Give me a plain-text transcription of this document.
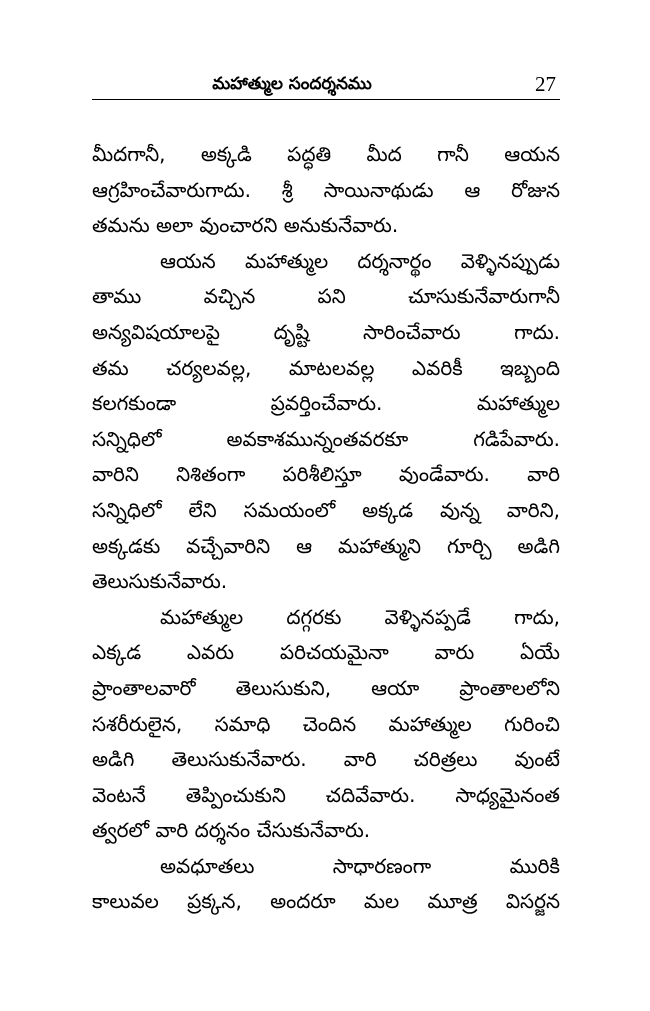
మహాత్ముల సందర్శనము	27
మీదగానీ, అక్కడి పద్ధతి మీద గానీ ఆయన
ఆగ్రహించేవారుగాదు. శ్రీ సాయినాథుడు ఆ రోజున
తమను అలా వుంచారని అనుకునేవారు.
ఆయన మహాత్ముల దర్శనార్థం వెళ్ళినప్పుడు
తాము వచ్చిన పని చూసుకునేవారుగానీ
అన్యవిషయాలపై దృష్టి సారించేవారు గాదు.
తమ చర్యలవల్ల, మాటలవల్ల ఎవరికీ ఇబ్బంది
కలగకుండా ప్రవర్తించేవారు. మహాత్ముల
సన్నిధిలో అవకాశమున్నంతవరకూ గడిపేవారు.
వారిని నిశితంగా పరిశీలిస్తూ వుండేవారు. వారి
సన్నిధిలో లేని సమయంలో అక్కడ వున్న వారిని,
అక్కడకు వచ్చేవారిని ఆ మహాత్ముని గూర్చి అడిగి
తెలుసుకునేవారు.
మహాత్ముల దగ్గరకు వెళ్ళినప్పడే గాదు,
ఎక్కడ ఎవరు పరిచయమైనా వారు ఏయే
ప్రాంతాలవారో తెలుసుకుని, ఆయా ప్రాంతాలలోని
సశరీరులైన, సమాధి చెందిన మహాత్ముల గురించి
అడిగి తెలుసుకునేవారు. వారి చరిత్రలు వుంటే
వెంటనే తెప్పించుకుని చదివేవారు. సాధ్యమైనంత
త్వరలో వారి దర్శనం చేసుకునేవారు.
అవధూతలు సాధారణంగా మురికి
కాలువల ప్రక్కన, అందరూ మల మూత్ర విసర్జన
